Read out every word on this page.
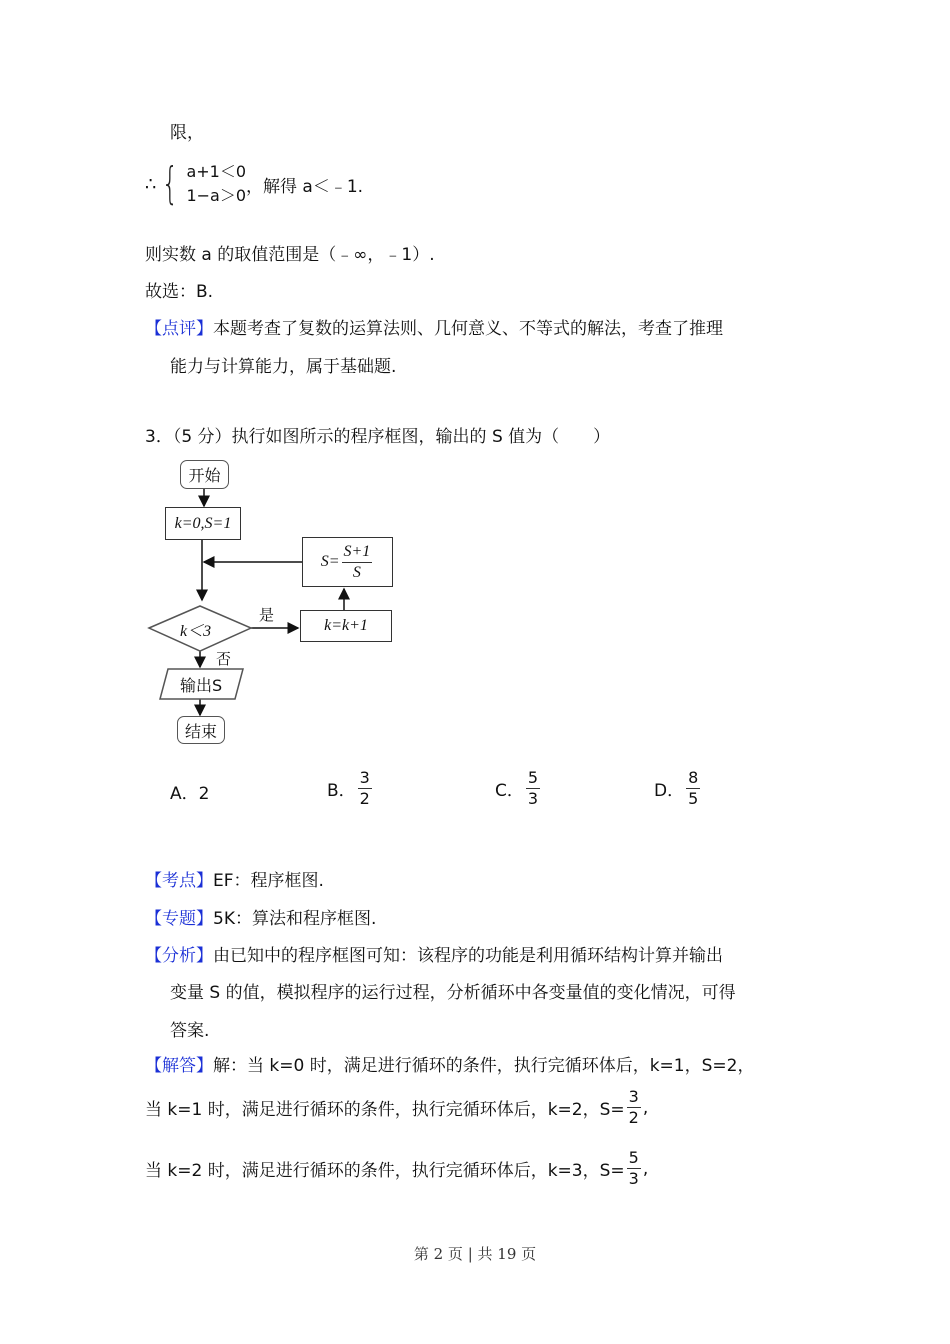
限，
∴ { a+1＜0
1−a＞0 ，解得 a＜﹣1.
则实数 a 的取值范围是（﹣∞，﹣1）.
故选：B.
【点评】本题考查了复数的运算法则、几何意义、不等式的解法，考查了推理
能力与计算能力，属于基础题.
3．（5 分）执行如图所示的程序框图，输出的 S 值为（　　）
开始
k=0,S=1
$S= \frac{S+1}{S}$
k＜3
是
k=k+1
否
输出S
结束
A．2	B． $\frac{3}{2}$	C． $\frac{5}{3}$	D． $\frac{8}{5}$
【考点】EF：程序框图.
【专题】5K：算法和程序框图.
【分析】由已知中的程序框图可知：该程序的功能是利用循环结构计算并输出
变量 S 的值，模拟程序的运行过程，分析循环中各变量值的变化情况，可得
答案.
【解答】解：当 k=0 时，满足进行循环的条件，执行完循环体后，k=1，S=2，
当 k=1 时，满足进行循环的条件，执行完循环体后，k=2，$S= \frac{3}{2}$ ,
当 k=2 时，满足进行循环的条件，执行完循环体后，k=3，$S= \frac{5}{3}$ ,
第 2 页 | 共 19 页
